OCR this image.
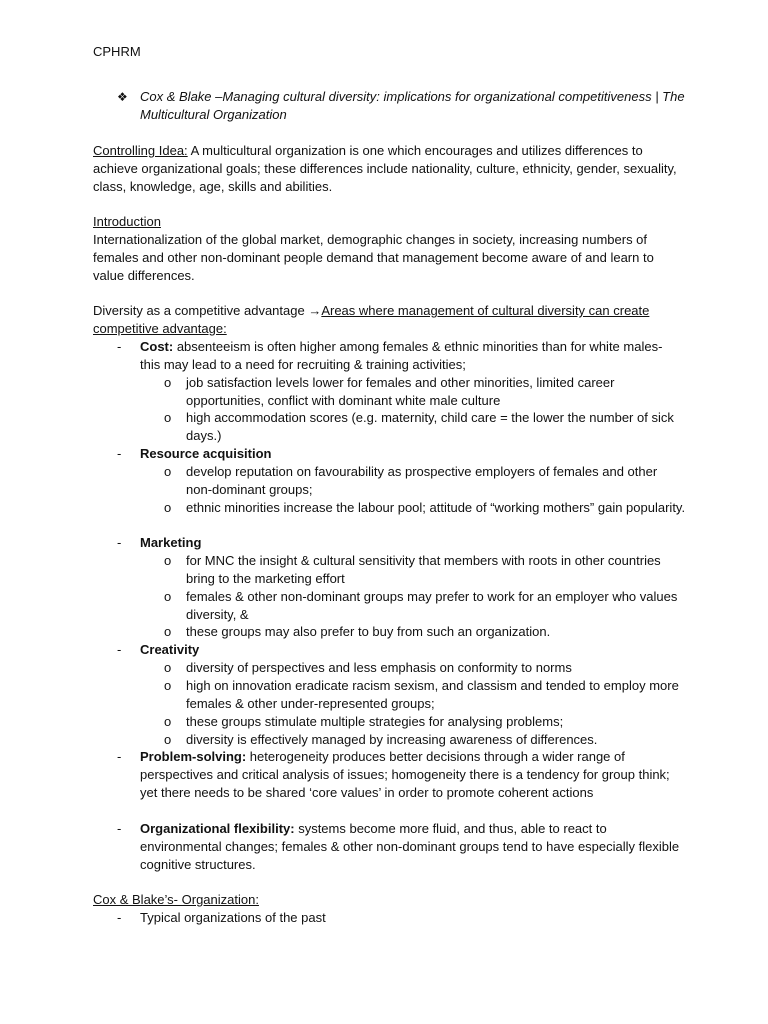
CPHRM
❖ Cox & Blake –Managing cultural diversity: implications for organizational competitiveness | The Multicultural Organization
Controlling Idea: A multicultural organization is one which encourages and utilizes differences to achieve organizational goals; these differences include nationality, culture, ethnicity, gender, sexuality, class, knowledge, age, skills and abilities.
Introduction
Internationalization of the global market, demographic changes in society, increasing numbers of females and other non-dominant people demand that management become aware of and learn to value differences.
Diversity as a competitive advantage →Areas where management of cultural diversity can create competitive advantage:
- Cost: absenteeism is often higher among females & ethnic minorities than for white males- this may lead to a need for recruiting & training activities;
o job satisfaction levels lower for females and other minorities, limited career opportunities, conflict with dominant white male culture
o high accommodation scores (e.g. maternity, child care = the lower the number of sick days.)
- Resource acquisition
o develop reputation on favourability as prospective employers of females and other non-dominant groups;
o ethnic minorities increase the labour pool; attitude of “working mothers” gain popularity.
- Marketing
o for MNC the insight & cultural sensitivity that members with roots in other countries bring to the marketing effort
o females & other non-dominant groups may prefer to work for an employer who values diversity, &
o these groups may also prefer to buy from such an organization.
- Creativity
o diversity of perspectives and less emphasis on conformity to norms
o high on innovation eradicate racism sexism, and classism and tended to employ more females & other under-represented groups;
o these groups stimulate multiple strategies for analysing problems;
o diversity is effectively managed by increasing awareness of differences.
- Problem-solving: heterogeneity produces better decisions through a wider range of perspectives and critical analysis of issues; homogeneity there is a tendency for group think; yet there needs to be shared ‘core values’ in order to promote coherent actions
- Organizational flexibility: systems become more fluid, and thus, able to react to environmental changes; females & other non-dominant groups tend to have especially flexible cognitive structures.
Cox & Blake’s- Organization:
- Typical organizations of the past
